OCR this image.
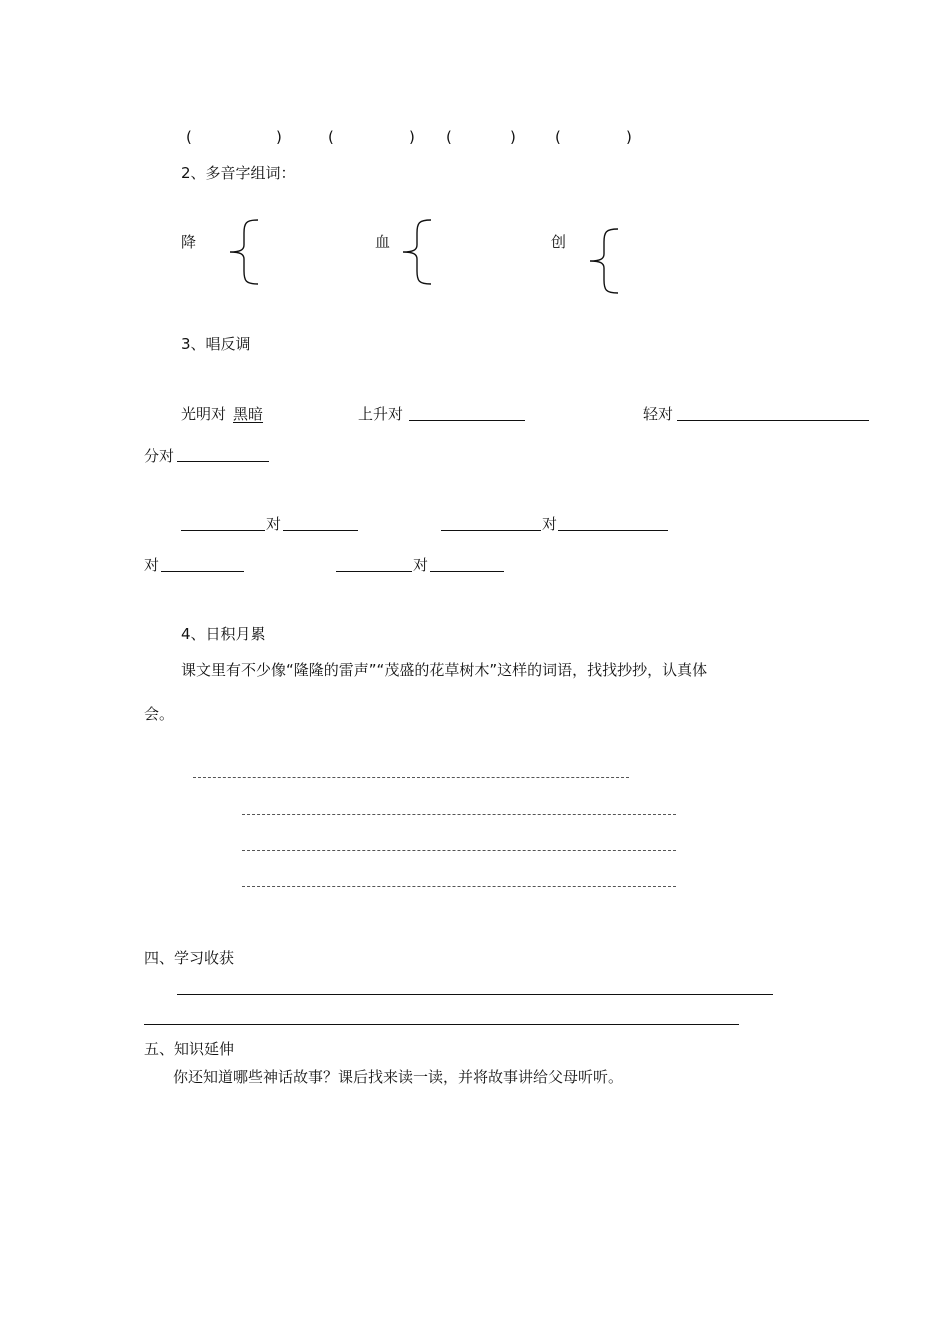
(	)	(	) (	)	(	)
2、多音字组词：
降	血	创
3、唱反调
光明对 黑暗	上升对	轻对
分对
对	对
对	对
4、日积月累
课文里有不少像“隆隆的雷声”“茂盛的花草树木”这样的词语，找找抄抄，认真体
会。
四、学习收获
五、知识延伸
你还知道哪些神话故事？课后找来读一读，并将故事讲给父母听听。
